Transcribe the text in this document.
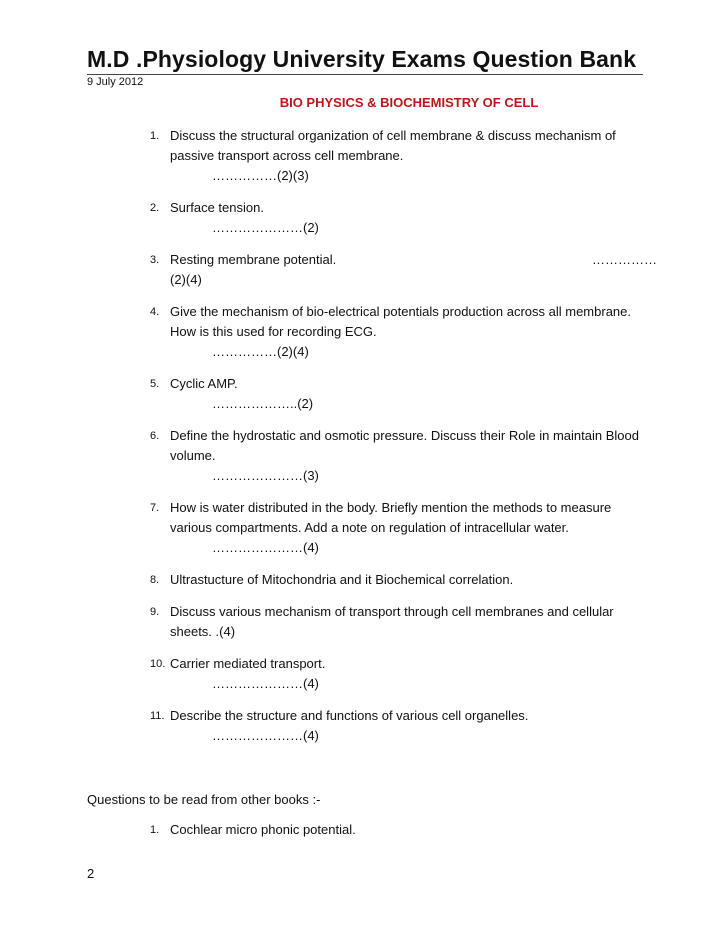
M.D .Physiology University Exams Question Bank
9 July 2012
BIO PHYSICS & BIOCHEMISTRY OF CELL
1. Discuss the structural organization of cell membrane & discuss mechanism of
passive transport across cell membrane.
……………(2)(3)
2. Surface tension.
…………………(2)
3. Resting membrane potential.	……………
(2)(4)
4. Give the mechanism of bio-electrical potentials production across all membrane.
How is this used for recording ECG.
……………(2)(4)
5. Cyclic AMP.
………………..(2)
6. Define the hydrostatic and osmotic pressure. Discuss their Role in maintain Blood
volume.
…………………(3)
7. How is water distributed in the body. Briefly mention the methods to measure
various compartments. Add a note on regulation of intracellular water.
…………………(4)
8. Ultrastucture of Mitochondria and it Biochemical correlation.
9. Discuss various mechanism of transport through cell membranes and cellular
sheets. .(4)
10. Carrier mediated transport.
…………………(4)
11. Describe the structure and functions of various cell organelles.
…………………(4)
Questions to be read from other books :-
1. Cochlear micro phonic potential.
2
